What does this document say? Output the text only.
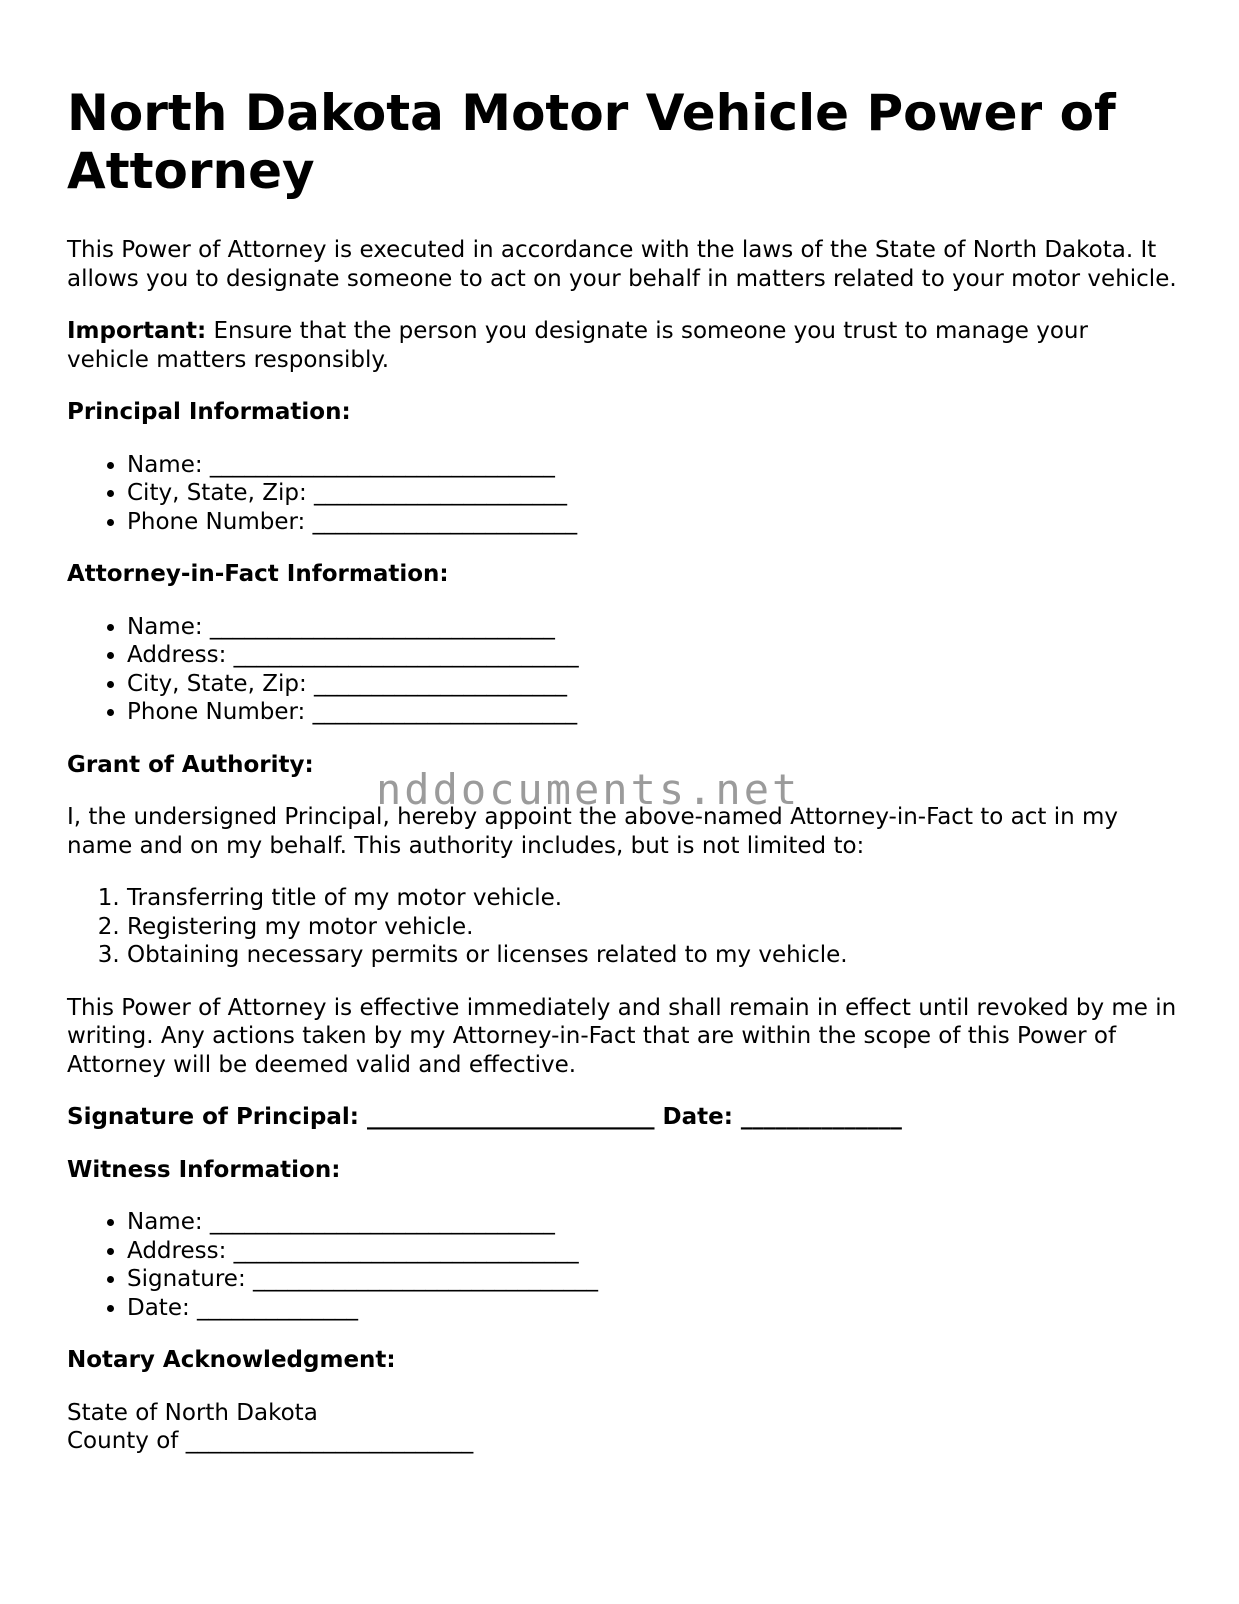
North Dakota Motor Vehicle Power of Attorney

This Power of Attorney is executed in accordance with the laws of the State of North Dakota. It allows you to designate someone to act on your behalf in matters related to your motor vehicle.

Important: Ensure that the person you designate is someone you trust to manage your vehicle matters responsibly.

Principal Information:
• Name: ______________________________
• City, State, Zip: ______________________
• Phone Number: _______________________
Attorney-in-Fact Information:
• Name: ______________________________
• Address: ______________________________
• City, State, Zip: ______________________
• Phone Number: _______________________
Grant of Authority:

I, the undersigned Principal, hereby appoint the above-named Attorney-in-Fact to act in my name and on my behalf. This authority includes, but is not limited to:

1. Transferring title of my motor vehicle.
2. Registering my motor vehicle.
3. Obtaining necessary permits or licenses related to my vehicle.

This Power of Attorney is effective immediately and shall remain in effect until revoked by me in writing. Any actions taken by my Attorney-in-Fact that are within the scope of this Power of Attorney will be deemed valid and effective.

Signature of Principal: _________________________ Date: ______________
Witness Information:
• Name: ______________________________
• Address: ______________________________
• Signature: ______________________________
• Date: ______________
Notary Acknowledgment:

State of North Dakota
County of _________________________

nddocuments.net
